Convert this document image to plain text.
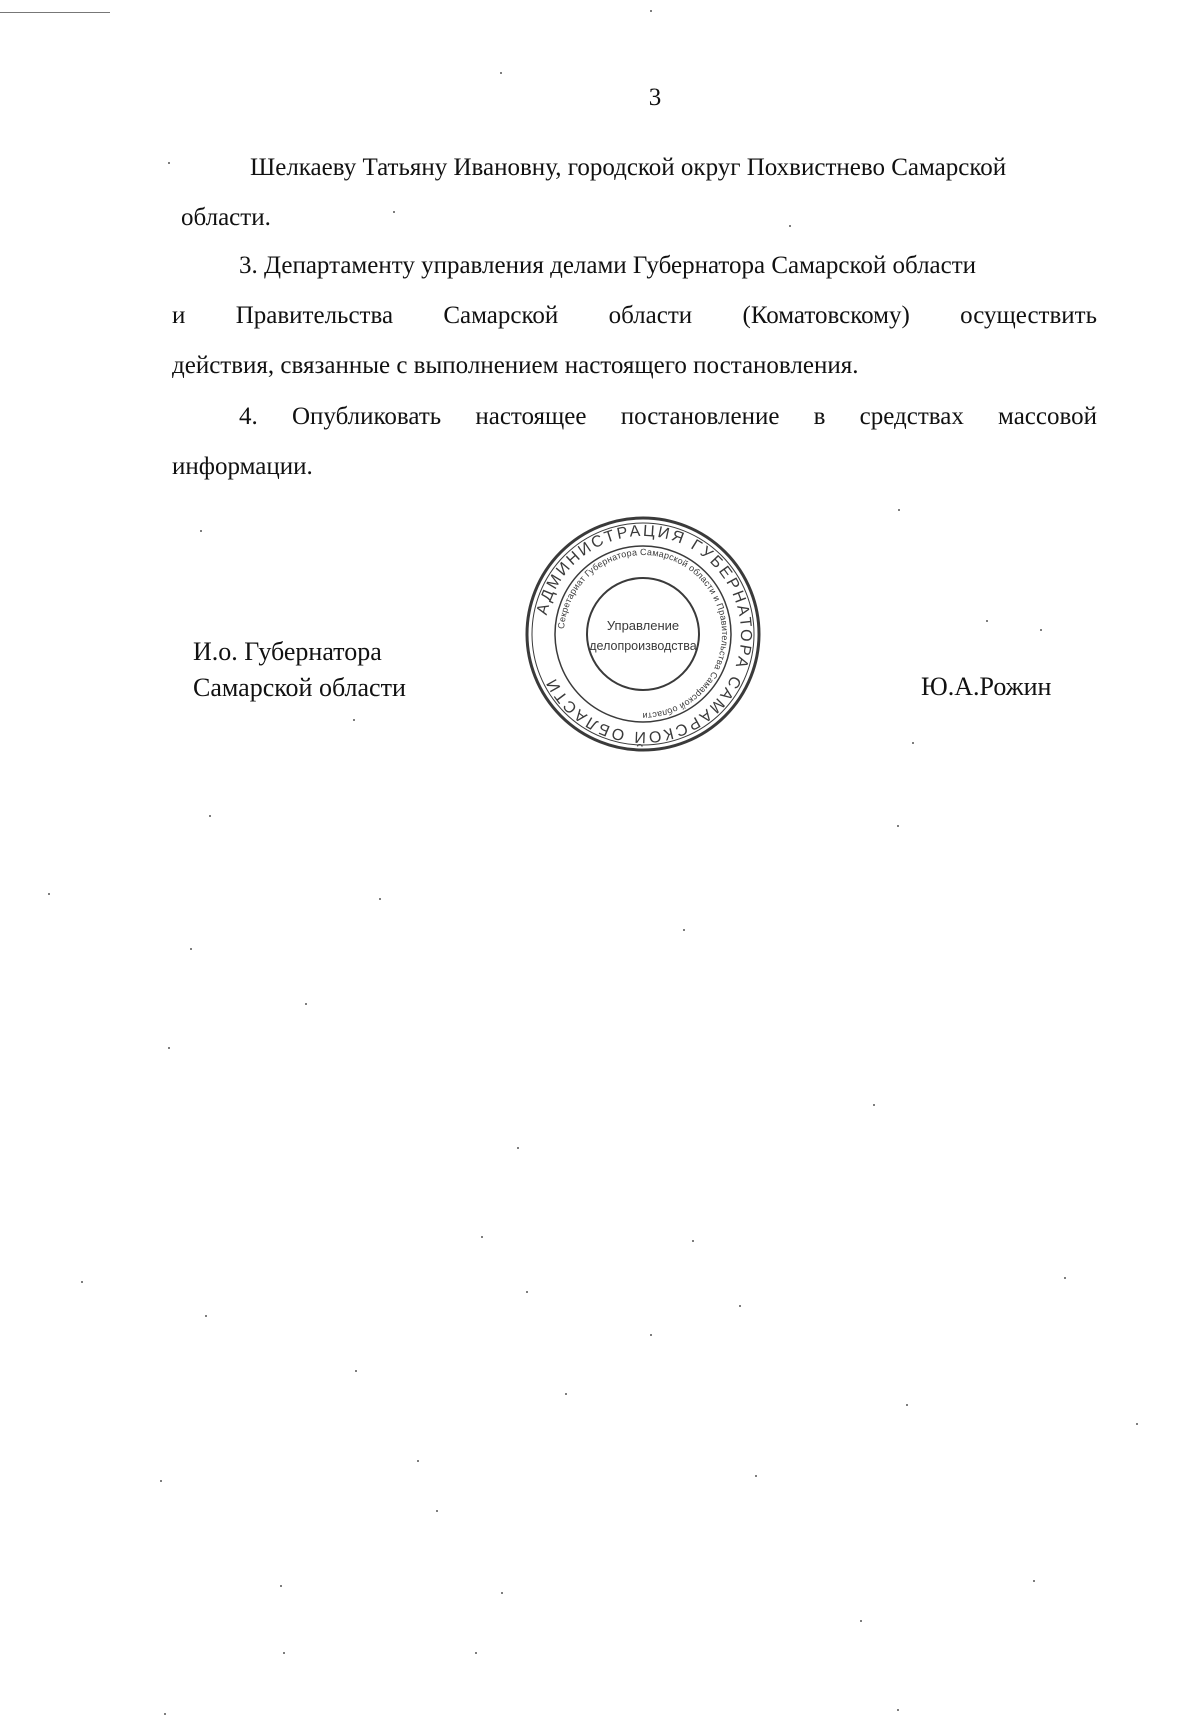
3
Шелкаеву Татьяну Ивановну, городской округ Похвистнево Самарской
области.
3. Департаменту управления делами Губернатора Самарской области
и Правительства Самарской области (Коматовскому) осуществить
действия, связанные с выполнением настоящего постановления.
4. Опубликовать настоящее постановление в средствах массовой
информации.
И.о. Губернатора
Самарской области	Ю.А.Рожин
АДМИНИСТРАЦИЯ ГУБЕРНАТОРА САМАРСКОЙ ОБЛАСТИ
Секретариат Губернатора Самарской области и Правительства Самарской области
Управление
делопроизводства
